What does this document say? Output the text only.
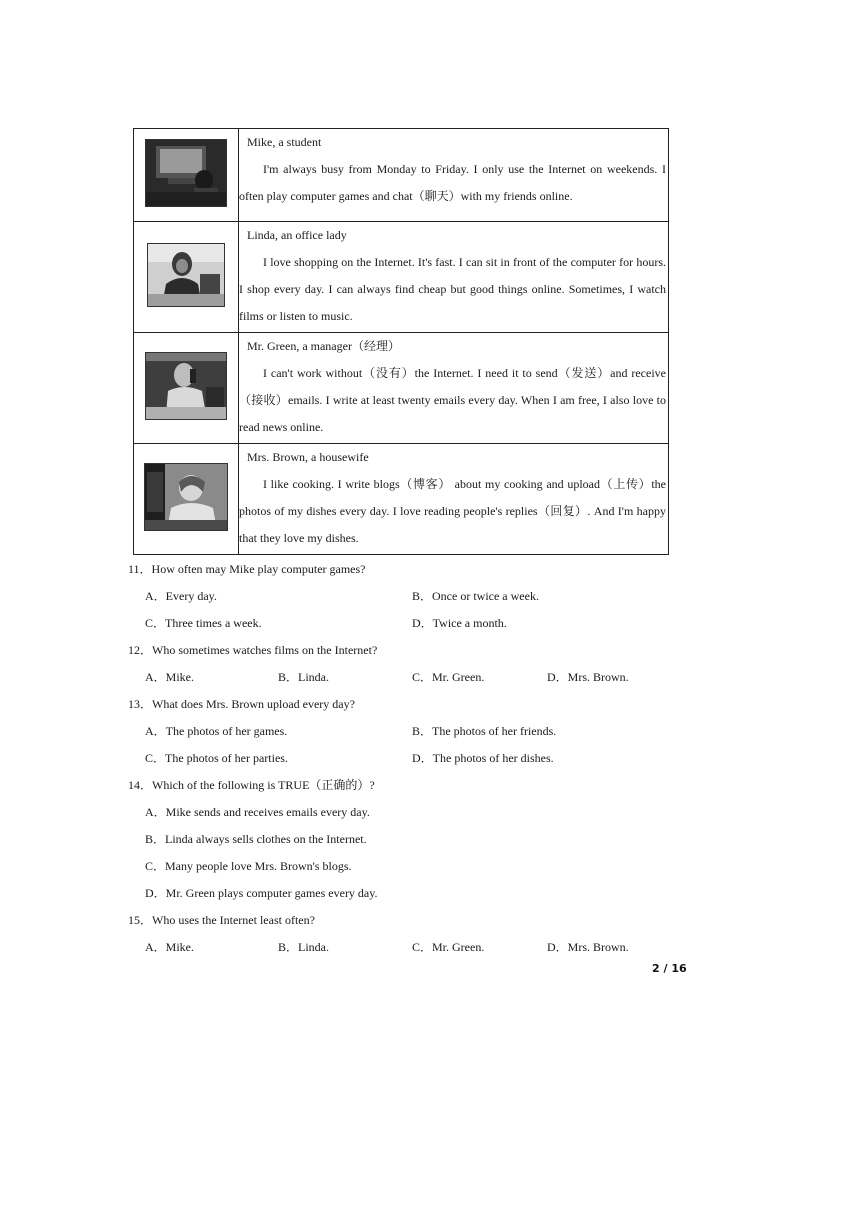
Mike, a student
I'm always busy from Monday to Friday. I only use the Internet on weekends. I often play computer games and chat（聊天）with my friends online.

Linda, an office lady
I love shopping on the Internet. It's fast. I can sit in front of the computer for hours. I shop every day. I can always find cheap but good things online. Sometimes, I watch films or listen to music.

Mr. Green, a manager（经理）
I can't work without（没有）the Internet. I need it to send（发送）and receive（接收）emails. I write at least twenty emails every day. When I am free, I also love to read news online.

Mrs. Brown, a housewife
I like cooking. I write blogs（博客） about my cooking and upload（上传）the photos of my dishes every day. I love reading people's replies（回复）. And I'm happy that they love my dishes.
11．How often may Mike play computer games?
A．Every day.	B．Once or twice a week.
C．Three times a week.	D．Twice a month.
12．Who sometimes watches films on the Internet?
A．Mike.	B．Linda.	C．Mr. Green.	D．Mrs. Brown.
13．What does Mrs. Brown upload every day?
A．The photos of her games.	B．The photos of her friends.
C．The photos of her parties.	D．The photos of her dishes.
14．Which of the following is TRUE（正确的）?
A．Mike sends and receives emails every day.
B．Linda always sells clothes on the Internet.
C．Many people love Mrs. Brown's blogs.
D．Mr. Green plays computer games every day.
15．Who uses the Internet least often?
A．Mike.	B．Linda.	C．Mr. Green.	D．Mrs. Brown.
2 / 16
